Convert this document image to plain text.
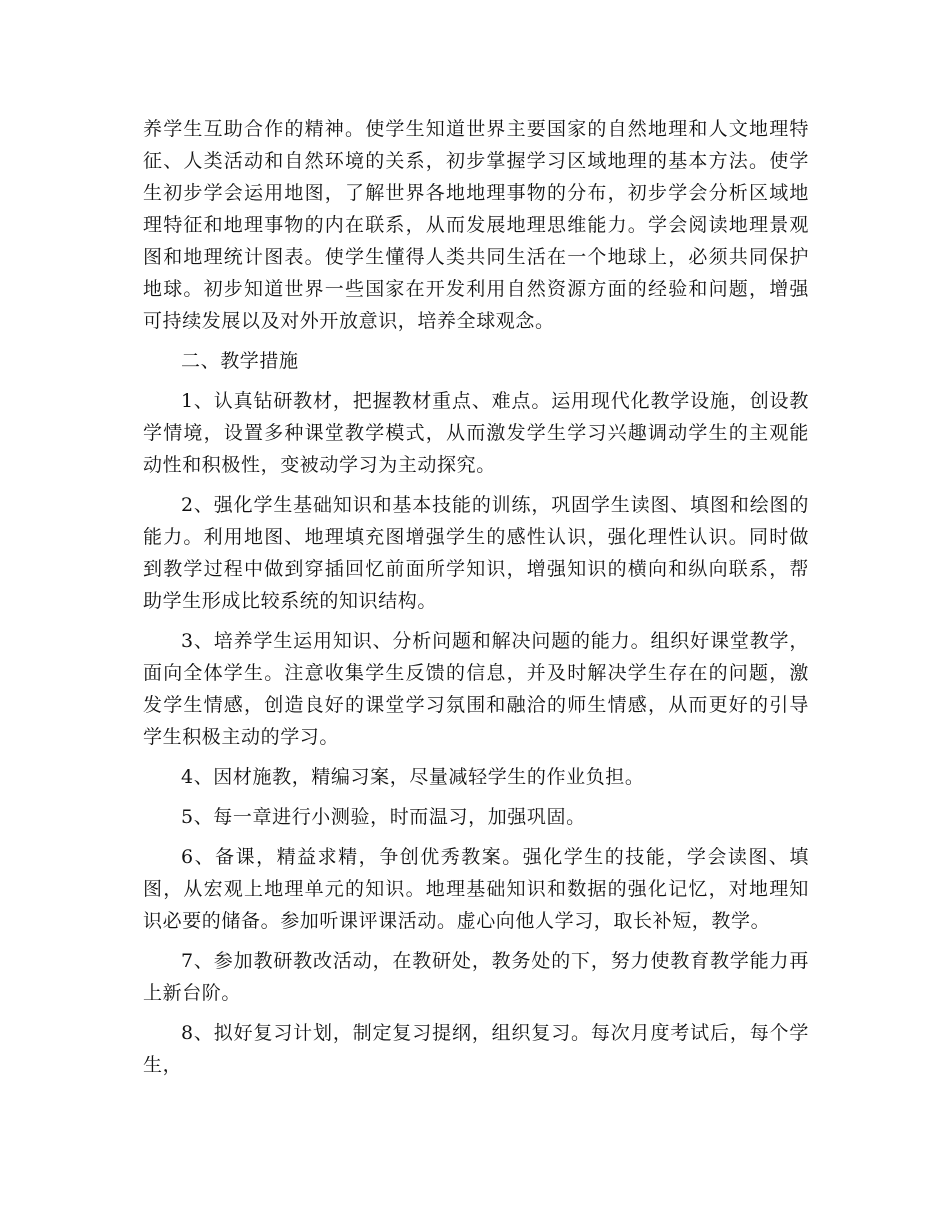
养学生互助合作的精神。使学生知道世界主要国家的自然地理和人文地理特征、人类活动和自然环境的关系，初步掌握学习区域地理的基本方法。使学生初步学会运用地图，了解世界各地地理事物的分布，初步学会分析区域地理特征和地理事物的内在联系，从而发展地理思维能力。学会阅读地理景观图和地理统计图表。使学生懂得人类共同生活在一个地球上，必须共同保护地球。初步知道世界一些国家在开发利用自然资源方面的经验和问题，增强可持续发展以及对外开放意识，培养全球观念。

二、教学措施

1、认真钻研教材，把握教材重点、难点。运用现代化教学设施，创设教学情境，设置多种课堂教学模式，从而激发学生学习兴趣调动学生的主观能动性和积极性，变被动学习为主动探究。

2、强化学生基础知识和基本技能的训练，巩固学生读图、填图和绘图的能力。利用地图、地理填充图增强学生的感性认识，强化理性认识。同时做到教学过程中做到穿插回忆前面所学知识，增强知识的横向和纵向联系，帮助学生形成比较系统的知识结构。

3、培养学生运用知识、分析问题和解决问题的能力。组织好课堂教学，面向全体学生。注意收集学生反馈的信息，并及时解决学生存在的问题，激发学生情感，创造良好的课堂学习氛围和融洽的师生情感，从而更好的引导学生积极主动的学习。

4、因材施教，精编习案，尽量减轻学生的作业负担。

5、每一章进行小测验，时而温习，加强巩固。

6、备课，精益求精，争创优秀教案。强化学生的技能，学会读图、填图，从宏观上地理单元的知识。地理基础知识和数据的强化记忆，对地理知识必要的储备。参加听课评课活动。虚心向他人学习，取长补短，教学。

7、参加教研教改活动，在教研处，教务处的下，努力使教育教学能力再上新台阶。

8、拟好复习计划，制定复习提纲，组织复习。每次月度考试后，每个学生，
